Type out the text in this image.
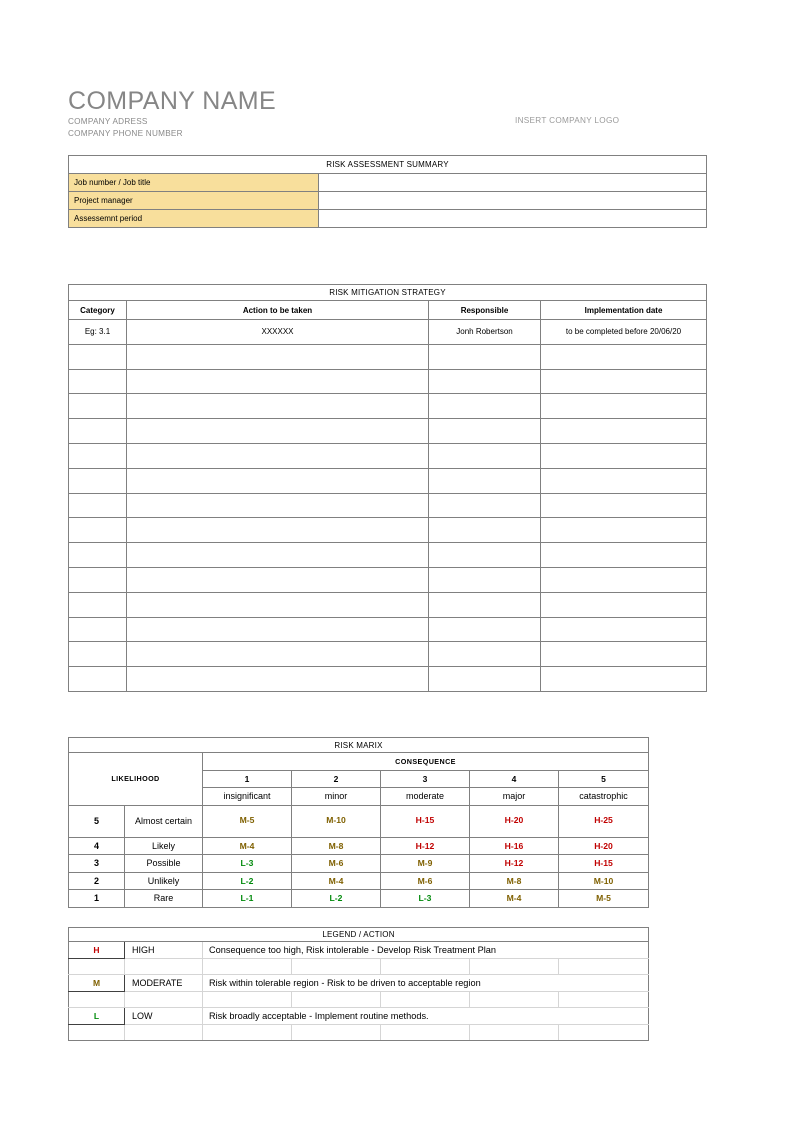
COMPANY NAME
COMPANY ADRESS
COMPANY PHONE NUMBER
INSERT COMPANY LOGO
RISK ASSESSMENT SUMMARY	
Job number / Job title	
Project manager	
Assessemnt period	
RISK MITIGATION STRATEGY			
Category	Action to be taken	Responsible	Implementation date
Eg: 3.1	XXXXXX	Jonh Robertson	to be completed before 20/06/20

RISK MARIX						
LIKELIHOOD		CONSEQUENCE				
		1	2	3	4	5
		insignificant	minor	moderate	major	catastrophic
5	Almost certain	M-5	M-10	H-15	H-20	H-25
4	Likely	M-4	M-8	H-12	H-16	H-20
3	Possible	L-3	M-6	M-9	H-12	H-15
2	Unlikely	L-2	M-4	M-6	M-8	M-10
1	Rare	L-1	L-2	L-3	M-4	M-5
LEGEND / ACTION						
H	HIGH	Consequence too high, Risk intolerable - Develop Risk Treatment Plan				

M	MODERATE	Risk within tolerable region - Risk to be driven to acceptable region				

L	LOW	Risk broadly acceptable - Implement routine methods.				
